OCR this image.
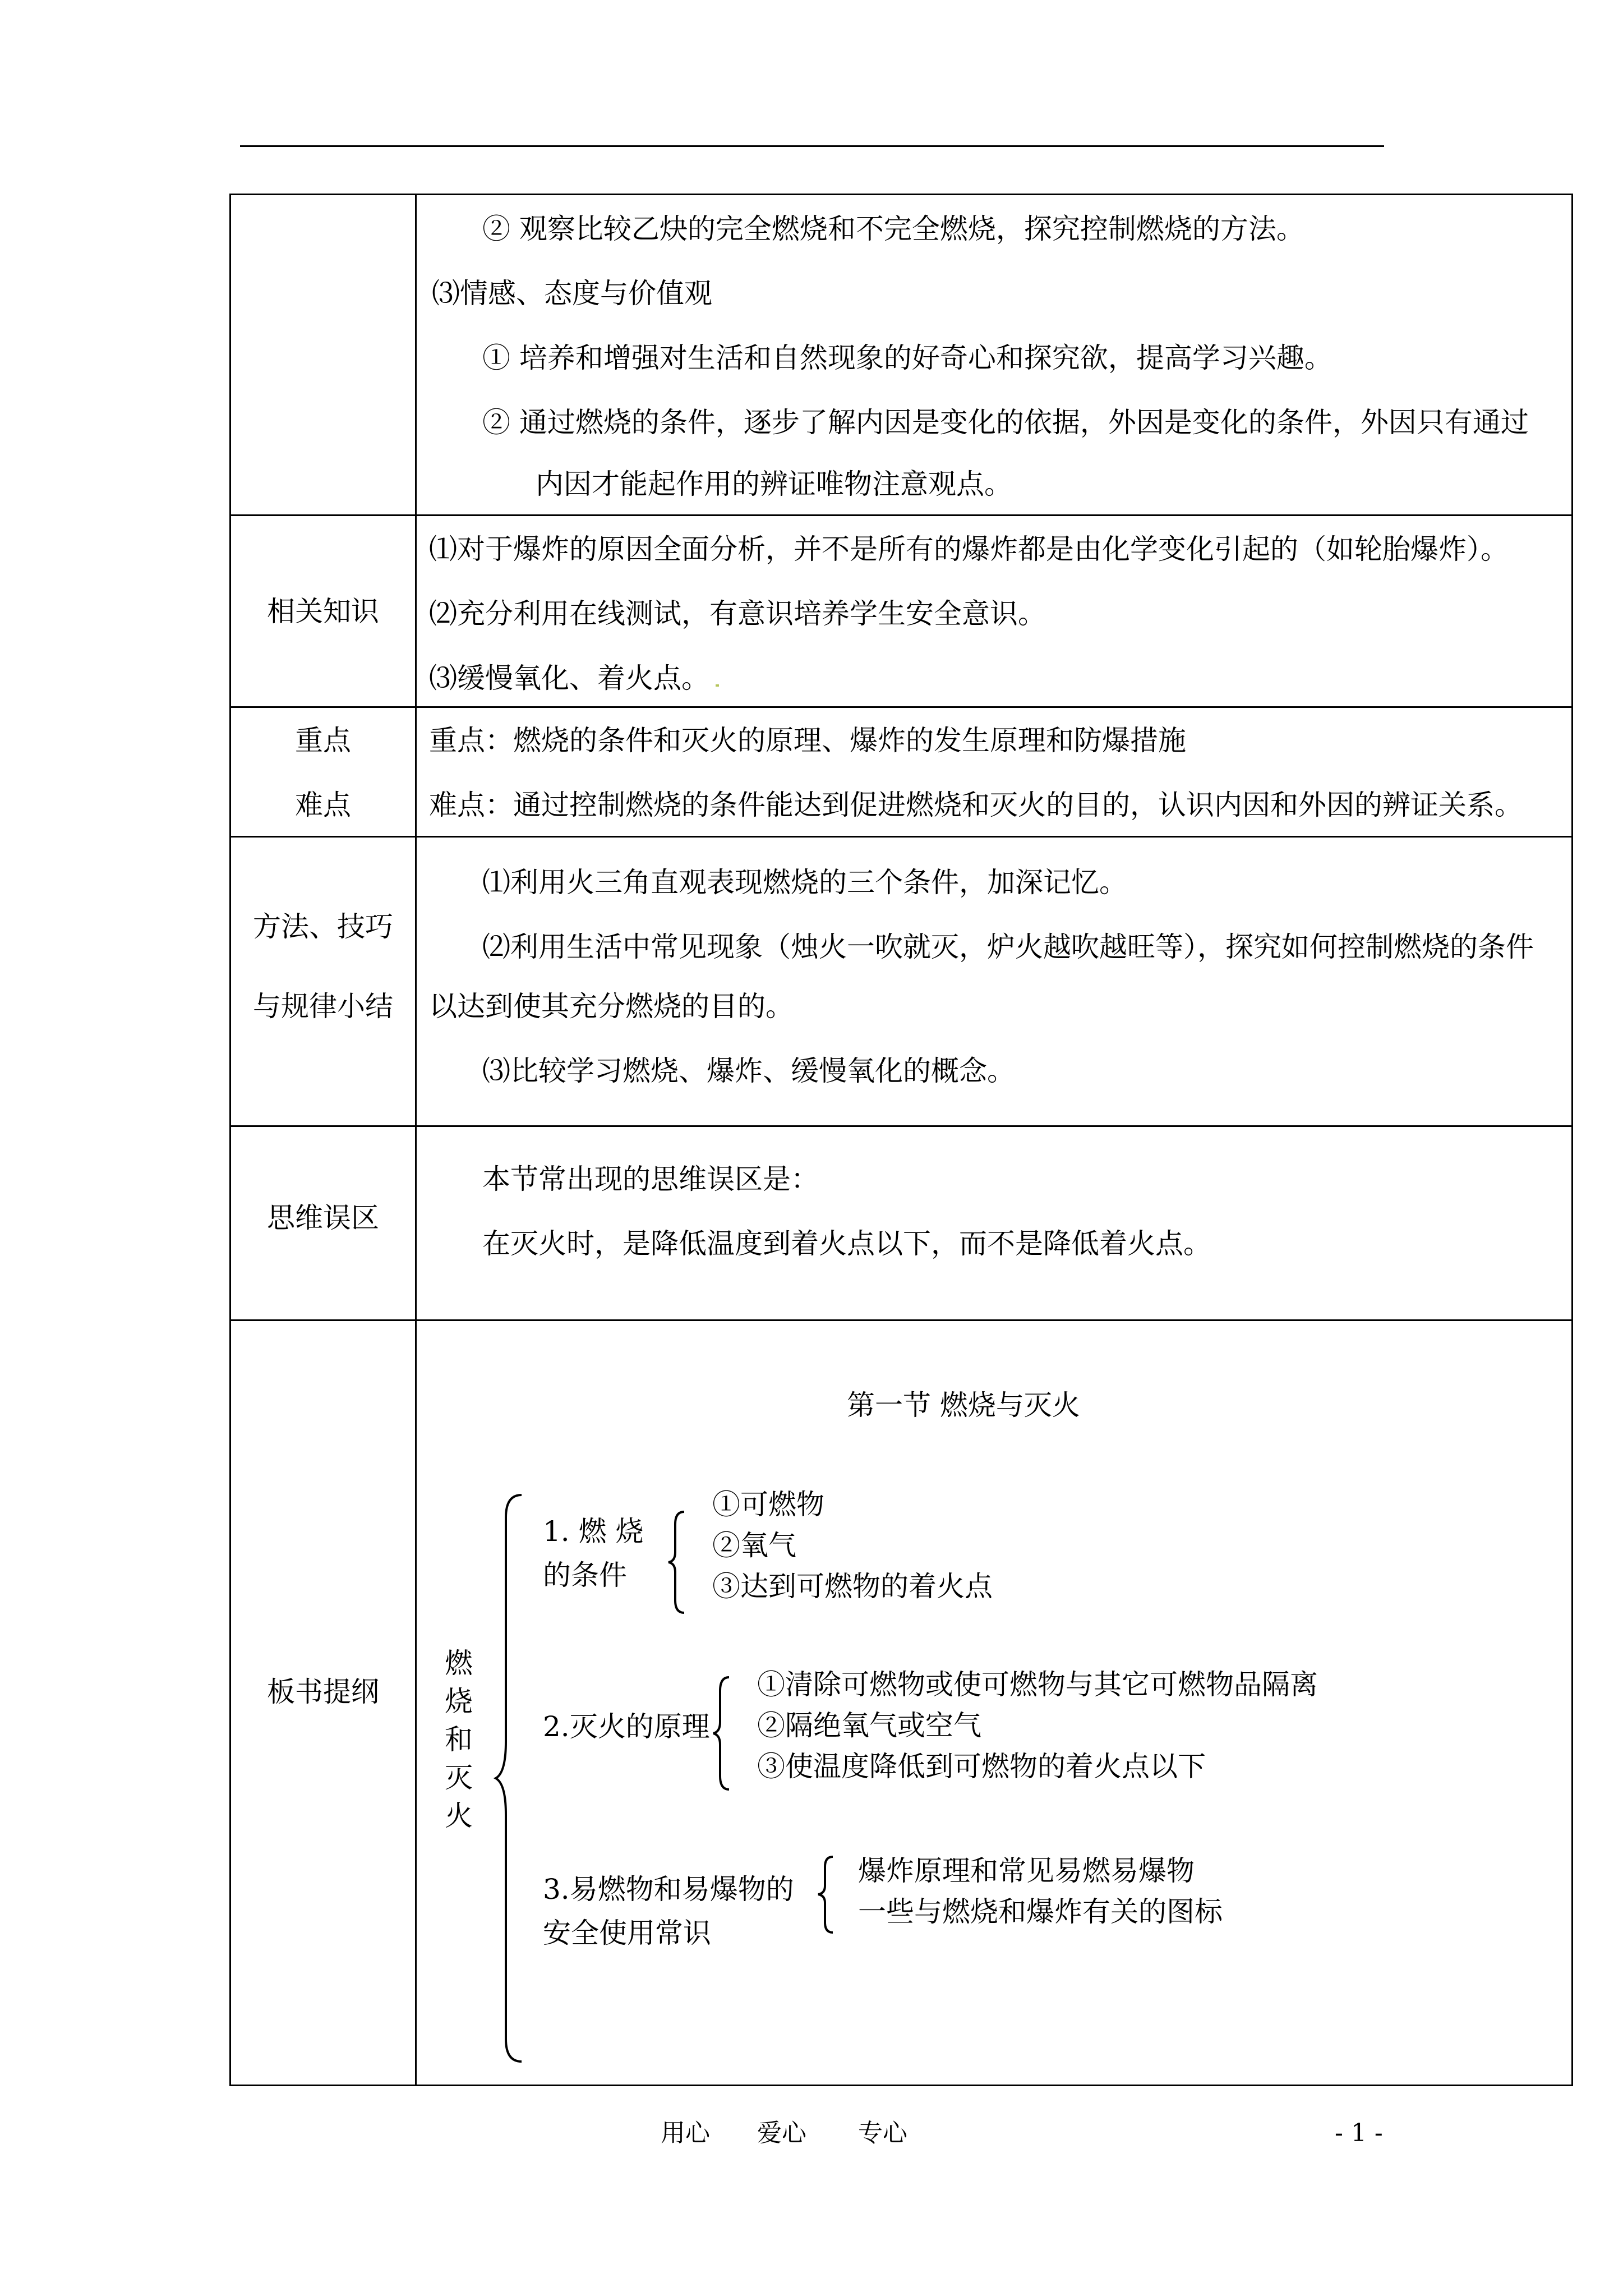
② 观察比较乙炔的完全燃烧和不完全燃烧，探究控制燃烧的方法。
⑶情感、态度与价值观
① 培养和增强对生活和自然现象的好奇心和探究欲，提高学习兴趣。
② 通过燃烧的条件，逐步了解内因是变化的依据，外因是变化的条件，外因只有通过
内因才能起作用的辨证唯物注意观点。
相关知识
⑴对于爆炸的原因全面分析，并不是所有的爆炸都是由化学变化引起的（如轮胎爆炸）。
⑵充分利用在线测试，有意识培养学生安全意识。
⑶缓慢氧化、着火点。
重点
难点
重点：燃烧的条件和灭火的原理、爆炸的发生原理和防爆措施
难点：通过控制燃烧的条件能达到促进燃烧和灭火的目的，认识内因和外因的辨证关系。
方法、技巧
与规律小结
⑴利用火三角直观表现燃烧的三个条件，加深记忆。
⑵利用生活中常见现象（烛火一吹就灭，炉火越吹越旺等），探究如何控制燃烧的条件
以达到使其充分燃烧的目的。
⑶比较学习燃烧、爆炸、缓慢氧化的概念。
思维误区
本节常出现的思维误区是：
在灭火时，是降低温度到着火点以下，而不是降低着火点。
板书提纲
第一节 燃烧与灭火
燃
烧
和
灭
火
1. 燃 烧
的条件
①可燃物
②氧气
③达到可燃物的着火点
2.灭火的原理
①清除可燃物或使可燃物与其它可燃物品隔离
②隔绝氧气或空气
③使温度降低到可燃物的着火点以下
3.易燃物和易爆物的
安全使用常识
爆炸原理和常见易燃易爆物
一些与燃烧和爆炸有关的图标
用心 爱心 专心	- 1 -
